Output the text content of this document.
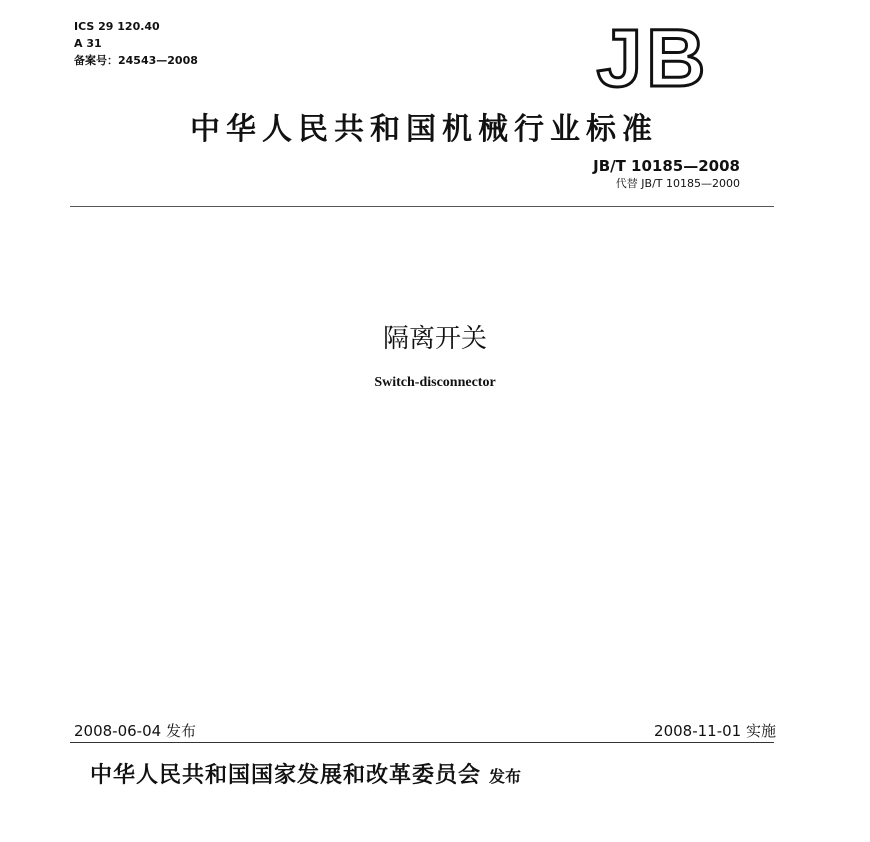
ICS 29 120.40
A 31
备案号：24543—2008	JB
中华人民共和国机械行业标准
JB/T 10185—2008
代替 JB/T 10185—2000
隔离开关
Switch-disconnector
2008-06-04 发布	2008-11-01 实施
中华人民共和国国家发展和改革委员会 发布
